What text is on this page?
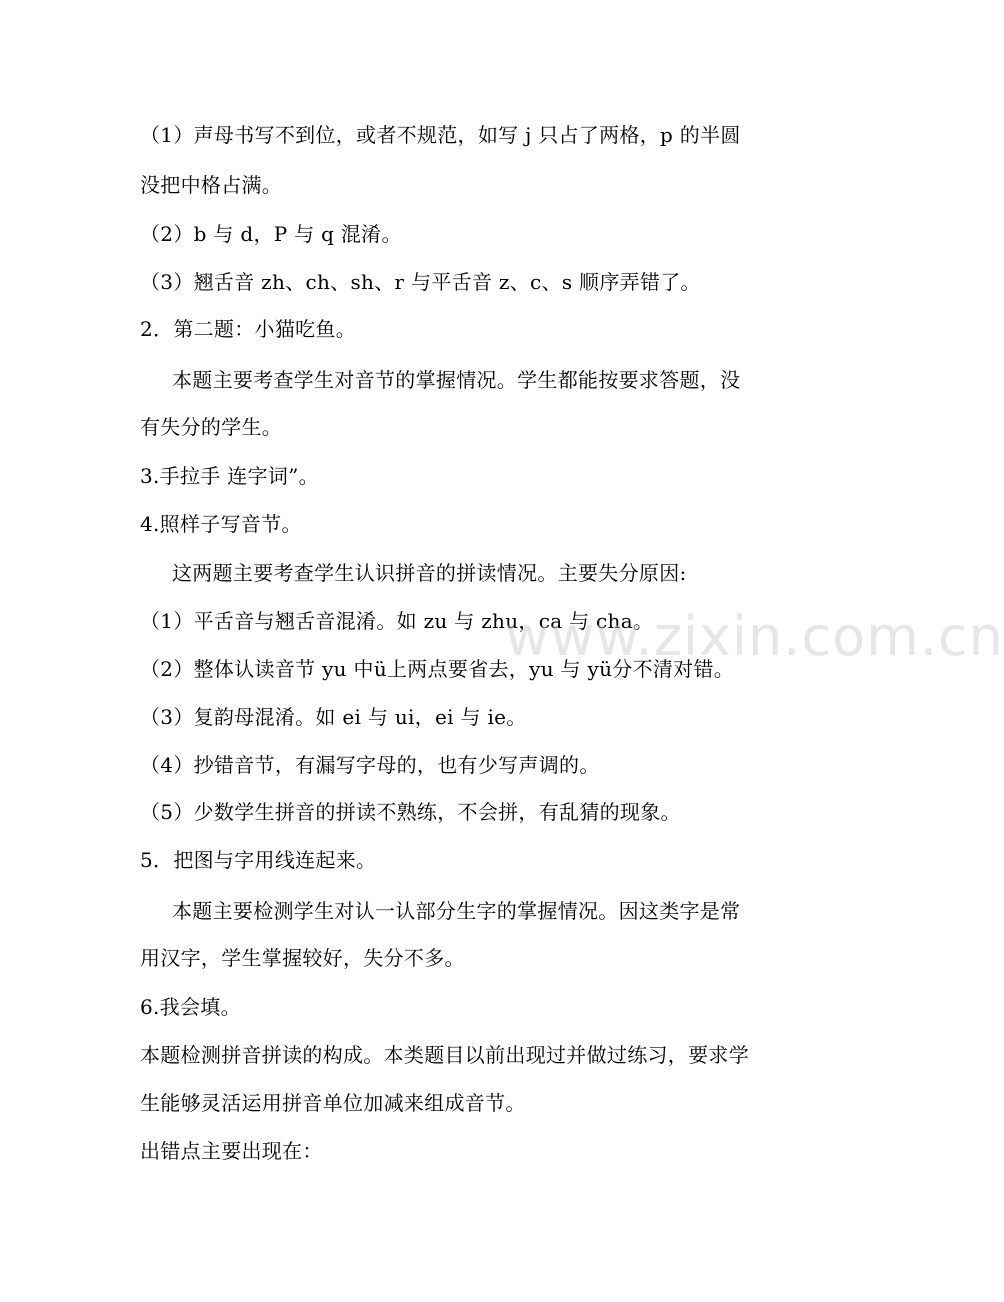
（1）声母书写不到位，或者不规范，如写 j 只占了两格，p 的半圆
没把中格占满。
（2）b 与 d，P 与 q 混淆。
（3）翘舌音 zh、ch、sh、r 与平舌音 z、c、s 顺序弄错了。
2．第二题：小猫吃鱼。
本题主要考查学生对音节的掌握情况。学生都能按要求答题，没
有失分的学生。
3.手拉手 连字词”。
4.照样子写音节。
这两题主要考查学生认识拼音的拼读情况。主要失分原因:
（1）平舌音与翘舌音混淆。如 zu 与 zhu，ca 与 cha。
（2）整体认读音节 yu 中ü上两点要省去，yu 与 yü分不清对错。
（3）复韵母混淆。如 ei 与 ui，ei 与 ie。
（4）抄错音节，有漏写字母的，也有少写声调的。
（5）少数学生拼音的拼读不熟练，不会拼，有乱猜的现象。
5．把图与字用线连起来。
本题主要检测学生对认一认部分生字的掌握情况。因这类字是常
用汉字，学生掌握较好，失分不多。
6.我会填。
本题检测拼音拼读的构成。本类题目以前出现过并做过练习，要求学
生能够灵活运用拼音单位加减来组成音节。
出错点主要出现在：
www.zixin.com.cn
